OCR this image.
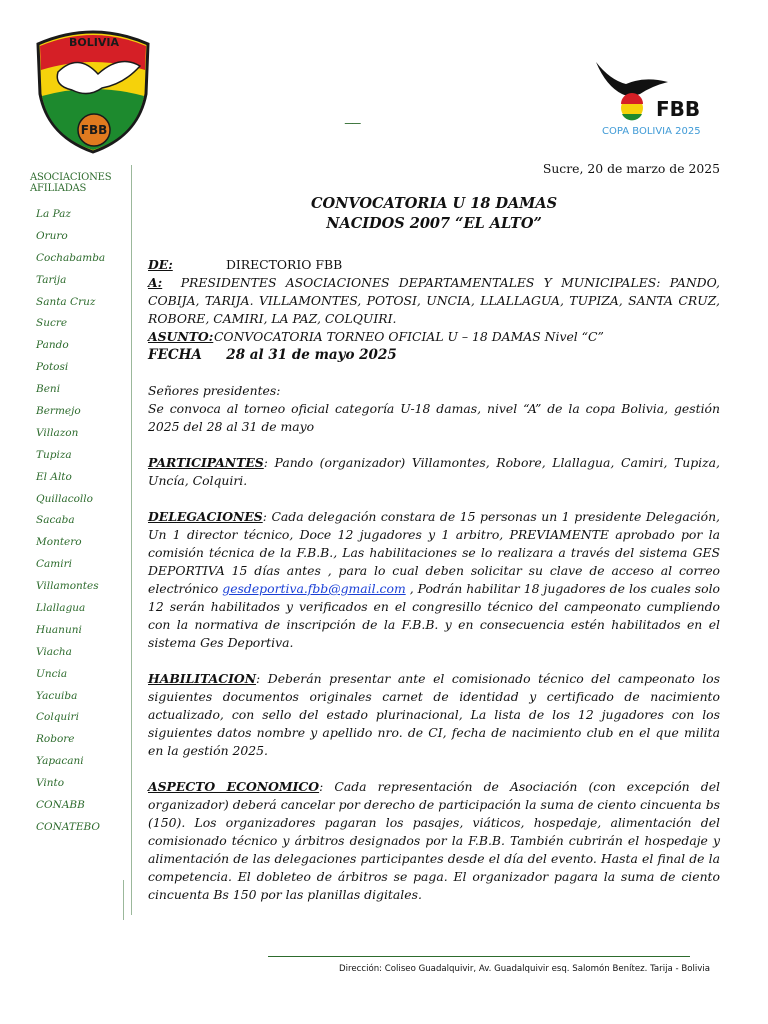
FBB
BOLIVIA
FBB
COPA BOLIVIA 2025
__
ASOCIACIONES
AFILIADAS
La Paz
Oruro
Cochabamba
Tarija
Santa Cruz
Sucre
Pando
Potosi
Beni
Bermejo
Villazon
Tupiza
El Alto
Quillacollo
Sacaba
Montero
Camiri
Villamontes
Llallagua
Huanuni
Viacha
Uncia
Yacuiba
Colquiri
Robore
Yapacani
Vinto
CONABB
CONATEBO
Sucre, 20 de marzo de 2025
CONVOCATORIA U 18 DAMAS
NACIDOS 2007 “EL ALTO”

DE:	DIRECTORIO FBB

A: PRESIDENTES ASOCIACIONES DEPARTAMENTALES Y MUNICIPALES: PANDO, COBIJA, TARIJA. VILLAMONTES, POTOSI, UNCIA, LLALLAGUA, TUPIZA, SANTA CRUZ, ROBORE, CAMIRI, LA PAZ, COLQUIRI.

ASUNTO: CONVOCATORIA TORNEO OFICIAL U – 18 DAMAS Nivel “C”

FECHA 28 al 31 de mayo 2025

Señores presidentes:

Se convoca al torneo oficial categoría U-18 damas, nivel “A” de la copa Bolivia, gestión 2025 del 28 al 31 de mayo

PARTICIPANTES: Pando (organizador) Villamontes, Robore, Llallagua, Camiri, Tupiza, Uncía, Colquiri.

DELEGACIONES: Cada delegación constara de 15 personas un 1 presidente Delegación, Un 1 director técnico, Doce 12 jugadores y 1 arbitro, PREVIAMENTE aprobado por la comisión técnica de la F.B.B., Las habilitaciones se lo realizara a través del sistema GES DEPORTIVA 15 días antes , para lo cual deben solicitar su clave de acceso al correo electrónico gesdeportiva.fbb@gmail.com , Podrán habilitar 18 jugadores de los cuales solo 12 serán habilitados y verificados en el congresillo técnico del campeonato cumpliendo con la normativa de inscripción de la F.B.B. y en consecuencia estén habilitados en el sistema Ges Deportiva.

HABILITACION: Deberán presentar ante el comisionado técnico del campeonato los siguientes documentos originales carnet de identidad y certificado de nacimiento actualizado, con sello del estado plurinacional, La lista de los 12 jugadores con los siguientes datos nombre y apellido nro. de CI, fecha de nacimiento club en el que milita en la gestión 2025.

ASPECTO ECONOMICO: Cada representación de Asociación (con excepción del organizador) deberá cancelar por derecho de participación la suma de ciento cincuenta bs (150). Los organizadores pagaran los pasajes, viáticos, hospedaje, alimentación del comisionado técnico y árbitros designados por la F.B.B. También cubrirán el hospedaje y alimentación de las delegaciones participantes desde el día del evento. Hasta el final de la competencia. El dobleteo de árbitros se paga. El organizador pagara la suma de ciento cincuenta Bs 150 por las planillas digitales.

Dirección: Coliseo Guadalquivir, Av. Guadalquivir esq. Salomón Benítez. Tarija - Bolivia
